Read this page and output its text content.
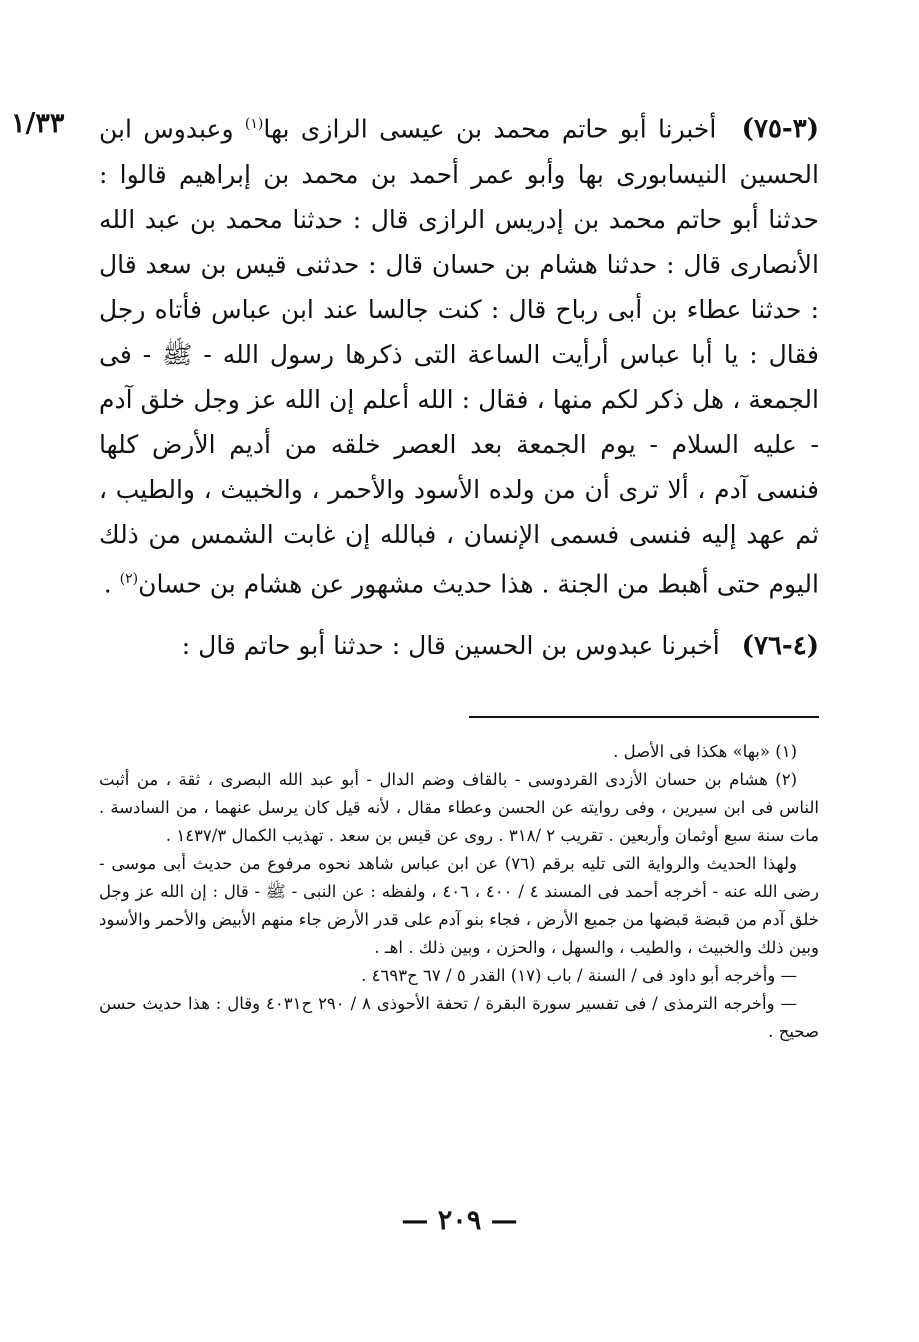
١/٣٣	(٣-٧٥) أخبرنا أبو حاتم محمد بن عيسى الرازى بها$^{(١)}$ وعبدوس ابن الحسين النيسابورى بها وأبو عمر أحمد بن محمد بن إبراهيم قالوا : حدثنا أبو حاتم محمد بن إدريس الرازى قال : حدثنا محمد بن عبد الله الأنصارى قال : حدثنا هشام بن حسان قال : حدثنى قيس بن سعد قال : حدثنا عطاء بن أبى رباح قال : كنت جالسا عند ابن عباس فأتاه رجل فقال : يا أبا عباس أرأيت الساعة التى ذكرها رسول الله - ﷺ - فى الجمعة ، هل ذكر لكم منها ، فقال : الله أعلم إن الله عز وجل خلق آدم - عليه السلام - يوم الجمعة بعد العصر خلقه من أديم الأرض كلها فنسى آدم ، ألا ترى أن من ولده الأسود والأحمر ، والخبيث ، والطيب ، ثم عهد إليه فنسى فسمى الإنسان ، فبالله إن غابت الشمس من ذلك اليوم حتى أهبط من الجنة . هذا حديث مشهور عن هشام بن حسان$^{(٢)}$ .

(٤-٧٦) أخبرنا عبدوس بن الحسين قال : حدثنا أبو حاتم قال :

(١) «بها» هكذا فى الأصل .

(٢) هشام بن حسان الأزدى القردوسى - بالقاف وضم الدال - أبو عبد الله البصرى ، ثقة ، من أثبت الناس فى ابن سيرين ، وفى روايته عن الحسن وعطاء مقال ، لأنه قيل كان يرسل عنهما ، من السادسة . مات سنة سبع أوثمان وأربعين . تقريب ٢ /٣١٨ . روى عن قيس بن سعد . تهذيب الكمال ١٤٣٧/٣ .

ولهذا الحديث والرواية التى تليه برقم (٧٦) عن ابن عباس شاهد نحوه مرفوع من حديث أبى موسى - رضى الله عنه - أخرجه أحمد فى المسند ٤ / ٤٠٠ ، ٤٠٦ ، ولفظه : عن النبى - ﷺ - قال : إن الله عز وجل خلق آدم من قبضة قبضها من جميع الأرض ، فجاء بنو آدم على قدر الأرض جاء منهم الأبيض والأحمر والأسود وبين ذلك والخبيث ، والطيب ، والسهل ، والحزن ، وبين ذلك . اهـ .

— وأخرجه أبو داود فى / السنة / باب (١٧) القدر ٥ / ٦٧ ح٤٦٩٣ .

— وأخرجه الترمذى / فى تفسير سورة البقرة / تحفة الأحوذى ٨ / ٢٩٠ ح٤٠٣١ وقال : هذا حديث حسن صحيح .

— ٢٠٩ —
